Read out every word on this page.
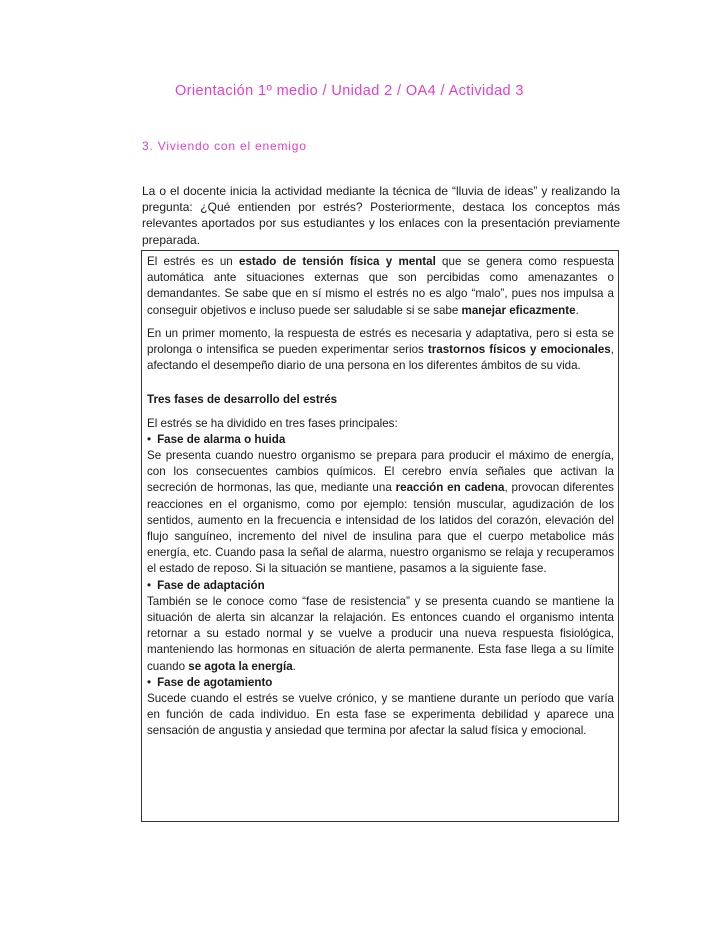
Orientación 1º medio / Unidad 2 / OA4 / Actividad 3
3. Viviendo con el enemigo

La o el docente inicia la actividad mediante la técnica de “lluvia de ideas” y realizando la pregunta: ¿Qué entienden por estrés? Posteriormente, destaca los conceptos más relevantes aportados por sus estudiantes y los enlaces con la presentación previamente preparada.

El estrés es un estado de tensión física y mental que se genera como respuesta automática ante situaciones externas que son percibidas como amenazantes o demandantes. Se sabe que en sí mismo el estrés no es algo “malo”, pues nos impulsa a conseguir objetivos e incluso puede ser saludable si se sabe manejar eficazmente.

En un primer momento, la respuesta de estrés es necesaria y adaptativa, pero si esta se prolonga o intensifica se pueden experimentar serios trastornos físicos y emocionales, afectando el desempeño diario de una persona en los diferentes ámbitos de su vida.

Tres fases de desarrollo del estrés

El estrés se ha dividido en tres fases principales:

• Fase de alarma o huida

Se presenta cuando nuestro organismo se prepara para producir el máximo de energía, con los consecuentes cambios químicos. El cerebro envía señales que activan la secreción de hormonas, las que, mediante una reacción en cadena, provocan diferentes reacciones en el organismo, como por ejemplo: tensión muscular, agudización de los sentidos, aumento en la frecuencia e intensidad de los latidos del corazón, elevación del flujo sanguíneo, incremento del nivel de insulina para que el cuerpo metabolice más energía, etc. Cuando pasa la señal de alarma, nuestro organismo se relaja y recuperamos el estado de reposo. Si la situación se mantiene, pasamos a la siguiente fase.

• Fase de adaptación

También se le conoce como “fase de resistencia” y se presenta cuando se mantiene la situación de alerta sin alcanzar la relajación. Es entonces cuando el organismo intenta retornar a su estado normal y se vuelve a producir una nueva respuesta fisiológica, manteniendo las hormonas en situación de alerta permanente. Esta fase llega a su límite cuando se agota la energía.

• Fase de agotamiento

Sucede cuando el estrés se vuelve crónico, y se mantiene durante un período que varía en función de cada individuo. En esta fase se experimenta debilidad y aparece una sensación de angustia y ansiedad que termina por afectar la salud física y emocional.
